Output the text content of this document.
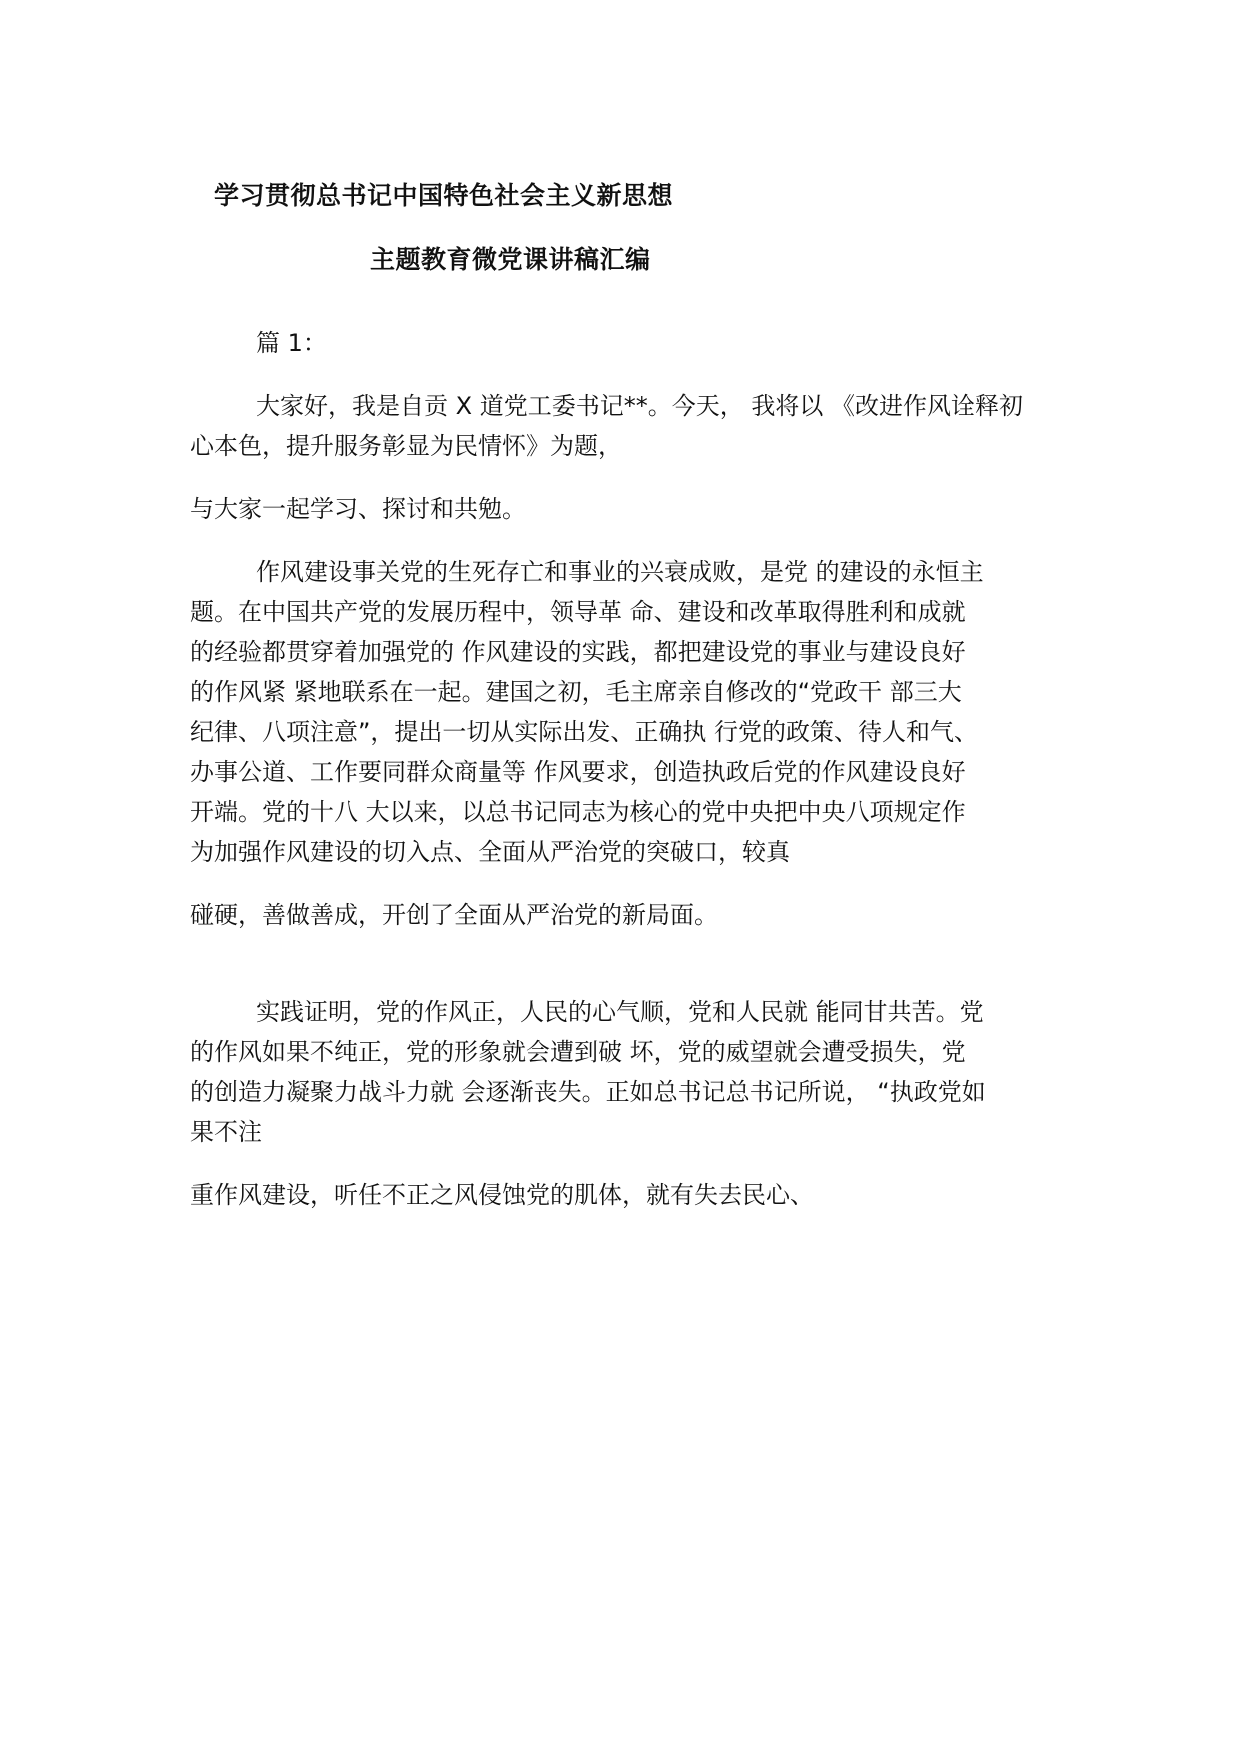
学习贯彻总书记中国特色社会主义新思想
主题教育微党课讲稿汇编
篇 1：
大家好，我是自贡 X 道党工委书记**。今天， 我将以 《改进作风诠释初
心本色，提升服务彰显为民情怀》为题，
与大家一起学习、探讨和共勉。
作风建设事关党的生死存亡和事业的兴衰成败，是党 的建设的永恒主
题。在中国共产党的发展历程中，领导革 命、建设和改革取得胜利和成就
的经验都贯穿着加强党的 作风建设的实践，都把建设党的事业与建设良好
的作风紧 紧地联系在一起。建国之初，毛主席亲自修改的“党政干 部三大
纪律、八项注意”，提出一切从实际出发、正确执 行党的政策、待人和气、
办事公道、工作要同群众商量等 作风要求，创造执政后党的作风建设良好
开端。党的十八 大以来，以总书记同志为核心的党中央把中央八项规定作
为加强作风建设的切入点、全面从严治党的突破口，较真
碰硬，善做善成，开创了全面从严治党的新局面。
实践证明，党的作风正，人民的心气顺，党和人民就 能同甘共苦。党
的作风如果不纯正，党的形象就会遭到破 坏，党的威望就会遭受损失，党
的创造力凝聚力战斗力就 会逐渐丧失。正如总书记总书记所说， “执政党如
果不注
重作风建设，听任不正之风侵蚀党的肌体，就有失去民心、
